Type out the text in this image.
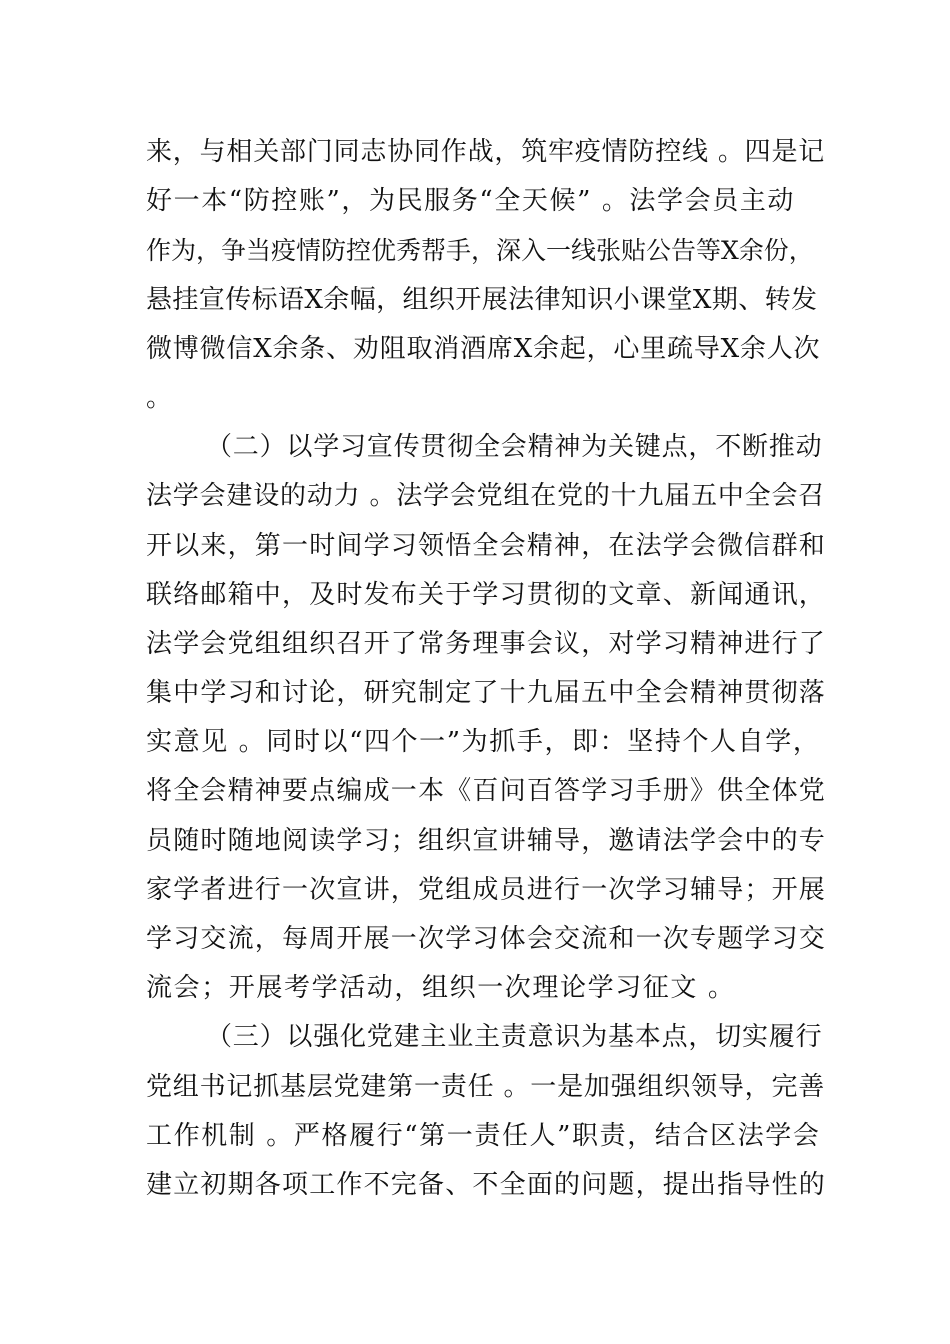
来，与相关部门同志协同作战，筑牢疫情防控线 。四是记
好一本“防控账”，为民服务“全天候” 。法学会员主动
作为，争当疫情防控优秀帮手，深入一线张贴公告等X余份，
悬挂宣传标语X余幅，组织开展法律知识小课堂X期、转发
微博微信X余条、劝阻取消酒席X余起，心里疏导X余人次
。
（二）以学习宣传贯彻全会精神为关键点，不断推动
法学会建设的动力 。法学会党组在党的十九届五中全会召
开以来，第一时间学习领悟全会精神，在法学会微信群和
联络邮箱中，及时发布关于学习贯彻的文章、新闻通讯，
法学会党组组织召开了常务理事会议，对学习精神进行了
集中学习和讨论，研究制定了十九届五中全会精神贯彻落
实意见 。同时以“四个一”为抓手，即：坚持个人自学，
将全会精神要点编成一本《百问百答学习手册》供全体党
员随时随地阅读学习；组织宣讲辅导，邀请法学会中的专
家学者进行一次宣讲，党组成员进行一次学习辅导；开展
学习交流，每周开展一次学习体会交流和一次专题学习交
流会；开展考学活动，组织一次理论学习征文 。
（三）以强化党建主业主责意识为基本点，切实履行
党组书记抓基层党建第一责任 。一是加强组织领导，完善
工作机制 。严格履行“第一责任人”职责，结合区法学会
建立初期各项工作不完备、不全面的问题，提出指导性的
